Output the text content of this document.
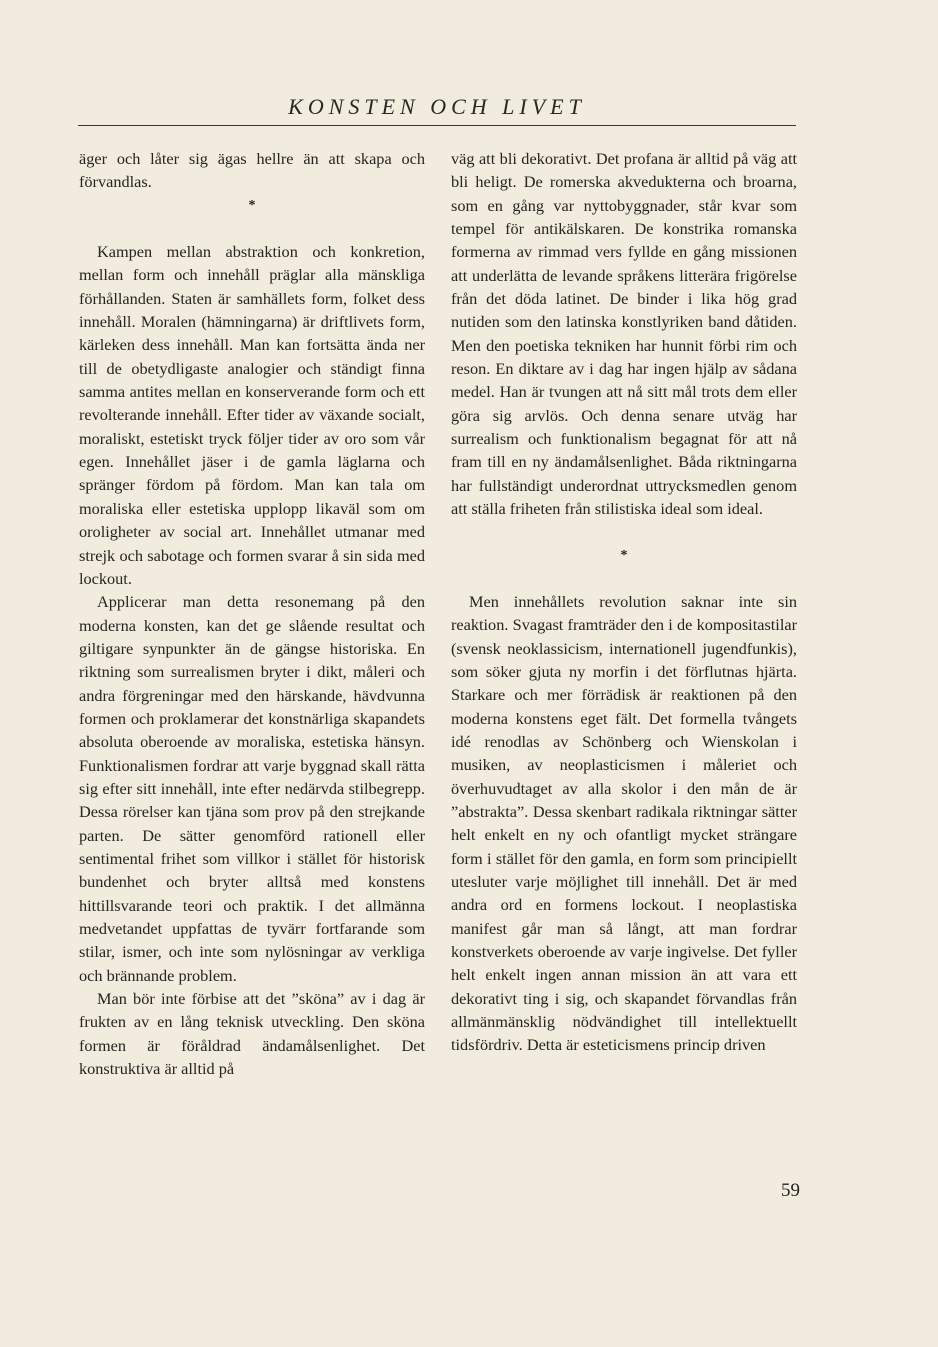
KONSTEN OCH LIVET

äger och låter sig ägas hellre än att skapa och förvandlas.

*

Kampen mellan abstraktion och konkretion, mellan form och innehåll präglar alla mänskliga förhållanden. Staten är samhällets form, folket dess innehåll. Moralen (hämningarna) är driftlivets form, kärleken dess innehåll. Man kan fortsätta ända ner till de obetydligaste analogier och ständigt finna samma antites mellan en konserverande form och ett revolterande innehåll. Efter tider av växande socialt, moraliskt, estetiskt tryck följer tider av oro som vår egen. Innehållet jäser i de gamla läglarna och spränger fördom på fördom. Man kan tala om moraliska eller estetiska upplopp likaväl som om oroligheter av social art. Innehållet utmanar med strejk och sabotage och formen svarar å sin sida med lockout.

Applicerar man detta resonemang på den moderna konsten, kan det ge slående resultat och giltigare synpunkter än de gängse historiska. En riktning som surrealismen bryter i dikt, måleri och andra förgreningar med den härskande, hävdvunna formen och proklamerar det konstnärliga skapandets absoluta oberoende av moraliska, estetiska hänsyn. Funktionalismen fordrar att varje byggnad skall rätta sig efter sitt innehåll, inte efter nedärvda stilbegrepp. Dessa rörelser kan tjäna som prov på den strejkande parten. De sätter genomförd rationell eller sentimental frihet som villkor i stället för historisk bundenhet och bryter alltså med konstens hittillsvarande teori och praktik. I det allmänna medvetandet uppfattas de tyvärr fortfarande som stilar, ismer, och inte som nylösningar av verkliga och brännande problem.

Man bör inte förbise att det ”sköna” av i dag är frukten av en lång teknisk utveckling. Den sköna formen är föråldrad ändamålsenlighet. Det konstruktiva är alltid på

väg att bli dekorativt. Det profana är alltid på väg att bli heligt. De romerska akvedukterna och broarna, som en gång var nyttobyggnader, står kvar som tempel för antikälskaren. De konstrika romanska formerna av rimmad vers fyllde en gång missionen att underlätta de levande språkens litterära frigörelse från det döda latinet. De binder i lika hög grad nutiden som den latinska konstlyriken band dåtiden. Men den poetiska tekniken har hunnit förbi rim och reson. En diktare av i dag har ingen hjälp av sådana medel. Han är tvungen att nå sitt mål trots dem eller göra sig arvlös. Och denna senare utväg har surrealism och funktionalism begagnat för att nå fram till en ny ändamålsenlighet. Båda riktningarna har fullständigt underordnat uttrycksmedlen genom att ställa friheten från stilistiska ideal som ideal.

*

Men innehållets revolution saknar inte sin reaktion. Svagast framträder den i de kompositastilar (svensk neoklassicism, internationell jugendfunkis), som söker gjuta ny morfin i det förflutnas hjärta. Starkare och mer förrädisk är reaktionen på den moderna konstens eget fält. Det formella tvångets idé renodlas av Schönberg och Wienskolan i musiken, av neoplasticismen i måleriet och överhuvudtaget av alla skolor i den mån de är ”abstrakta”. Dessa skenbart radikala riktningar sätter helt enkelt en ny och ofantligt mycket strängare form i stället för den gamla, en form som principiellt utesluter varje möjlighet till innehåll. Det är med andra ord en formens lockout. I neoplastiska manifest går man så långt, att man fordrar konstverkets oberoende av varje ingivelse. Det fyller helt enkelt ingen annan mission än att vara ett dekorativt ting i sig, och skapandet förvandlas från allmänmänsklig nödvändighet till intellektuellt tidsfördriv. Detta är esteticismens princip driven

59
